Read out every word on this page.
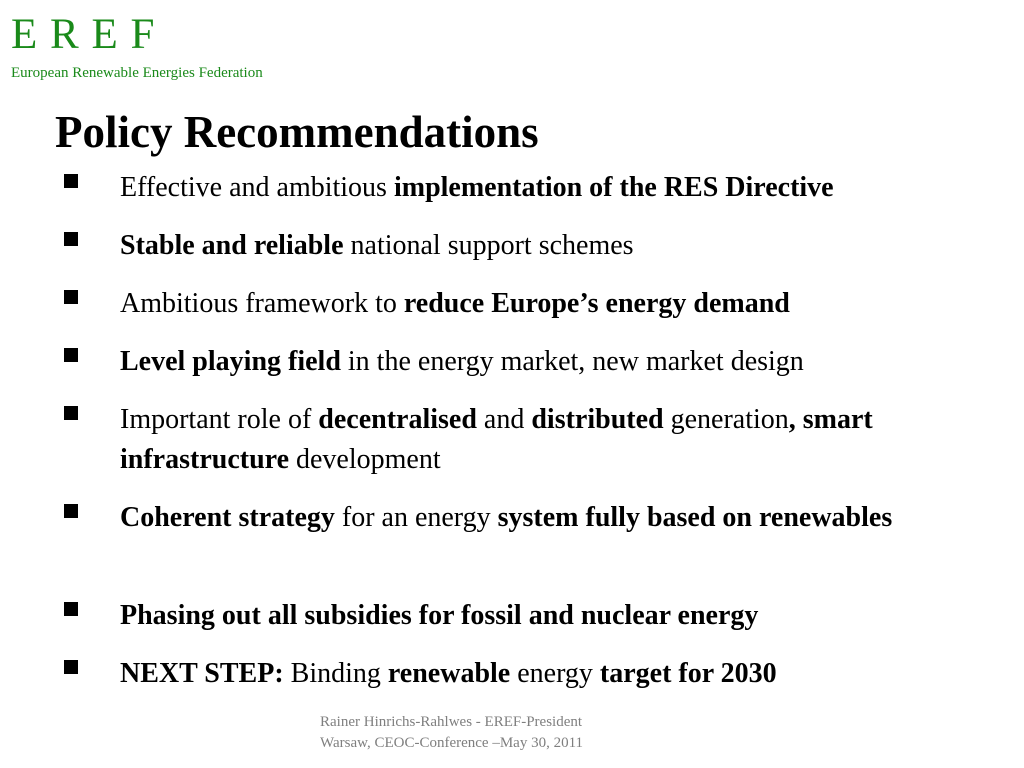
E R E F
European Renewable Energies Federation
Policy Recommendations
Effective and ambitious implementation of the RES Directive
Stable and reliable national support schemes
Ambitious framework to reduce Europe’s energy demand
Level playing field in the energy market, new market design
Important role of decentralised and distributed generation, smart infrastructure development
Coherent strategy for an energy system fully based on renewables
Phasing out all subsidies for fossil and nuclear energy
NEXT STEP: Binding renewable energy target for 2030
Rainer Hinrichs-Rahlwes - EREF-President
Warsaw, CEOC-Conference –May 30, 2011
